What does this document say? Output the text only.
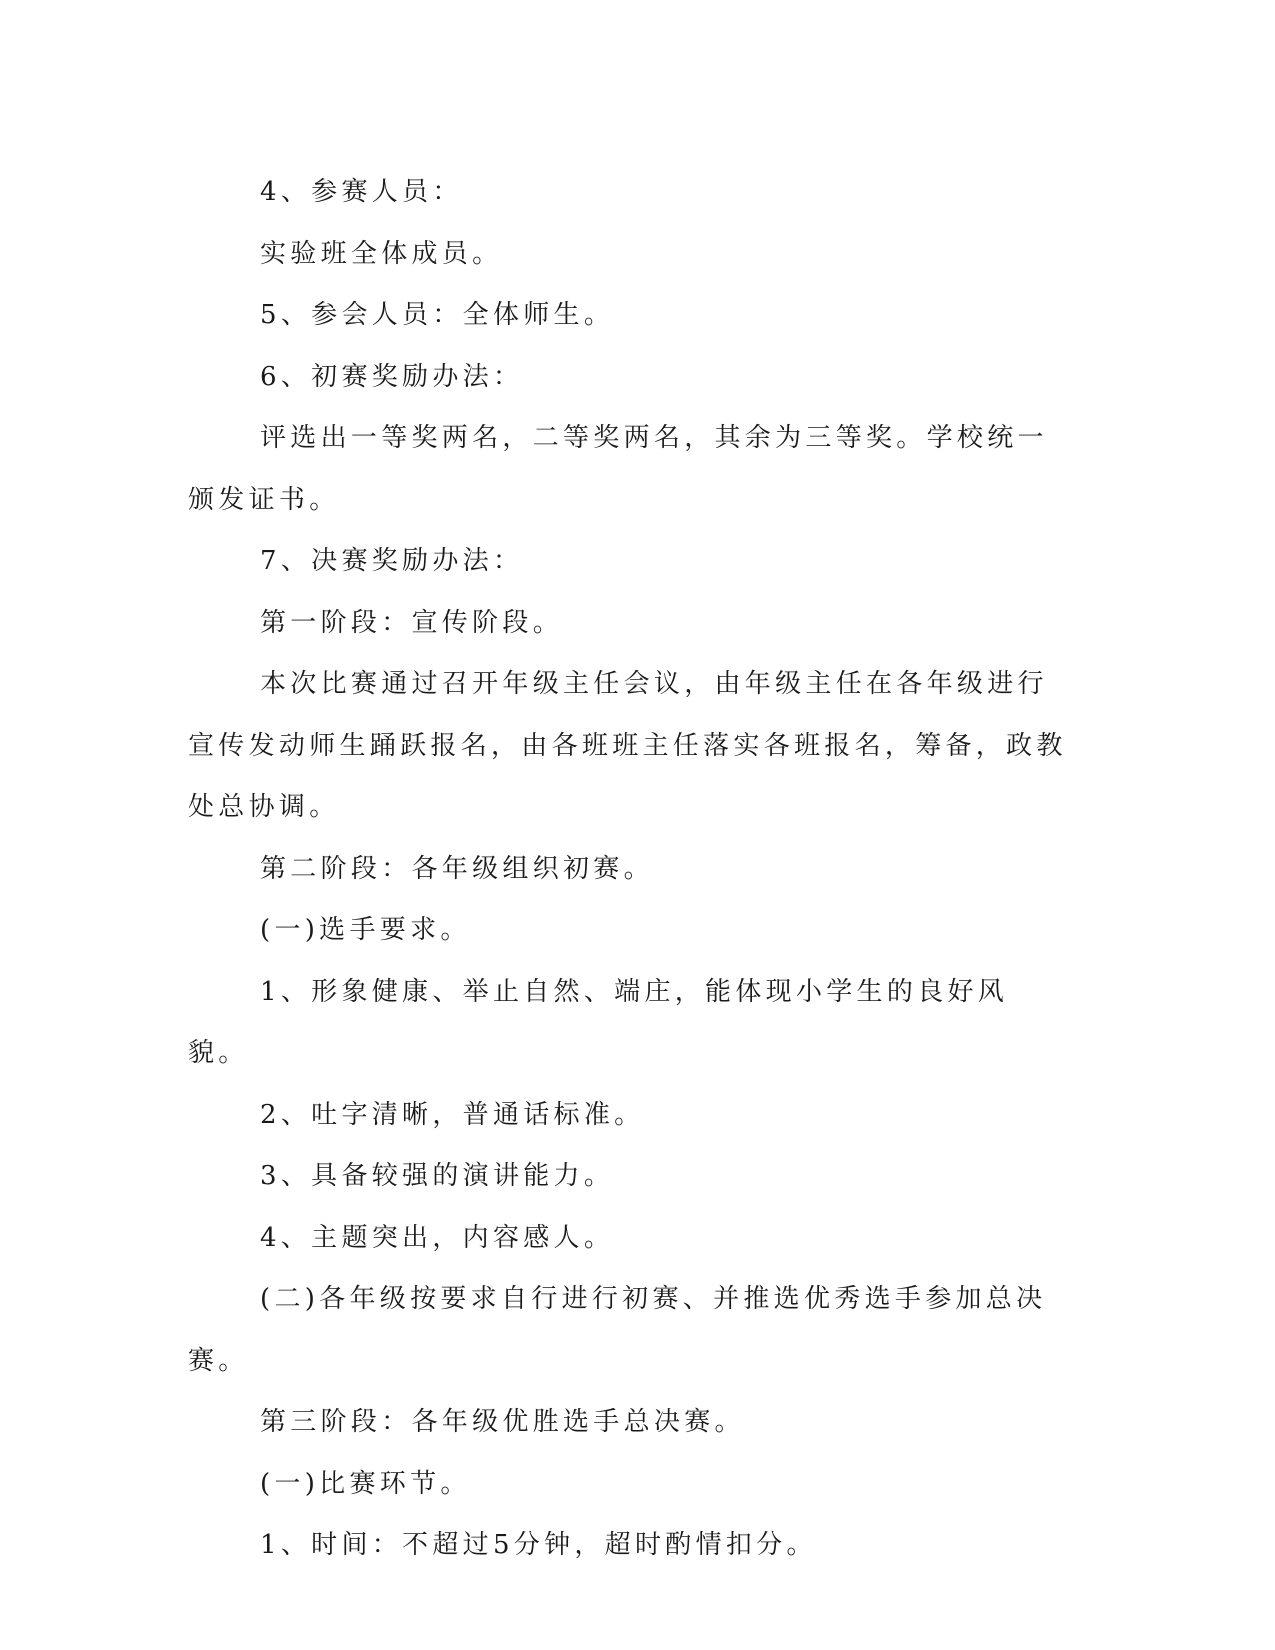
4、参赛人员：

实验班全体成员。

5、参会人员：全体师生。

6、初赛奖励办法：

评选出一等奖两名，二等奖两名，其余为三等奖。学校统一颁发证书。

7、决赛奖励办法：

第一阶段：宣传阶段。

本次比赛通过召开年级主任会议，由年级主任在各年级进行宣传发动师生踊跃报名，由各班班主任落实各班报名，筹备，政教处总协调。

第二阶段：各年级组织初赛。

(一)选手要求。

1、形象健康、举止自然、端庄，能体现小学生的良好风貌。

2、吐字清晰，普通话标准。

3、具备较强的演讲能力。

4、主题突出，内容感人。

(二)各年级按要求自行进行初赛、并推选优秀选手参加总决赛。

第三阶段：各年级优胜选手总决赛。

(一)比赛环节。

1、时间：不超过5分钟，超时酌情扣分。
